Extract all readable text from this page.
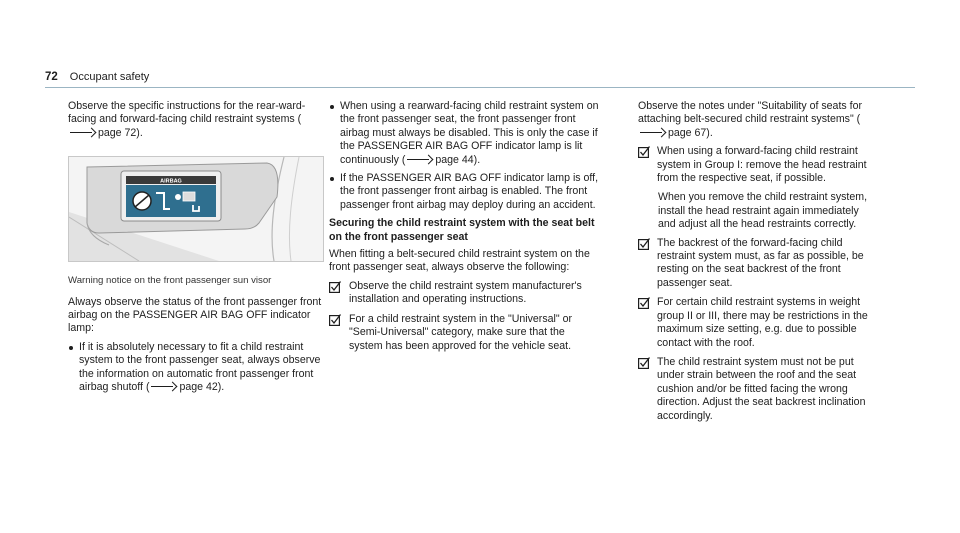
72 Occupant safety

Observe the specific instructions for the rear-ward-facing and forward-facing child restraint systems (page 72).

AIRBAG

Warning notice on the front passenger sun visor

Always observe the status of the front passenger front airbag on the PASSENGER AIR BAG OFF indicator lamp:

If it is absolutely necessary to fit a child restraint system to the front passenger seat, always observe the information on automatic front passenger front airbag shutoff (	page 42).
When using a rearward-facing child restraint system on the front passenger seat, the front passenger front airbag must always be disabled. This is only the case if the PASSENGER AIR BAG OFF indicator lamp is lit continuously (	page 44).
If the PASSENGER AIR BAG OFF indicator lamp is off, the front passenger front airbag is enabled. The front passenger front airbag may deploy during an accident.
Securing the child restraint system with the seat belt on the front passenger seat

When fitting a belt-secured child restraint system on the front passenger seat, always observe the following:

Observe the child restraint system manufacturer's installation and operating instructions.
For a child restraint system in the "Universal" or "Semi-Universal" category, make sure that the system has been approved for the vehicle seat.

Observe the notes under "Suitability of seats for attaching belt-secured child restraint systems" (page 67).

When using a forward-facing child restraint system in Group I: remove the head restraint from the respective seat, if possible.

When you remove the child restraint system, install the head restraint again immediately and adjust all the head restraints correctly.

The backrest of the forward-facing child restraint system must, as far as possible, be resting on the seat backrest of the front passenger seat.
For certain child restraint systems in weight group II or III, there may be restrictions in the maximum size setting, e.g. due to possible contact with the roof.
The child restraint system must not be put under strain between the roof and the seat cushion and/or be fitted facing the wrong direction. Adjust the seat backrest inclination accordingly.
